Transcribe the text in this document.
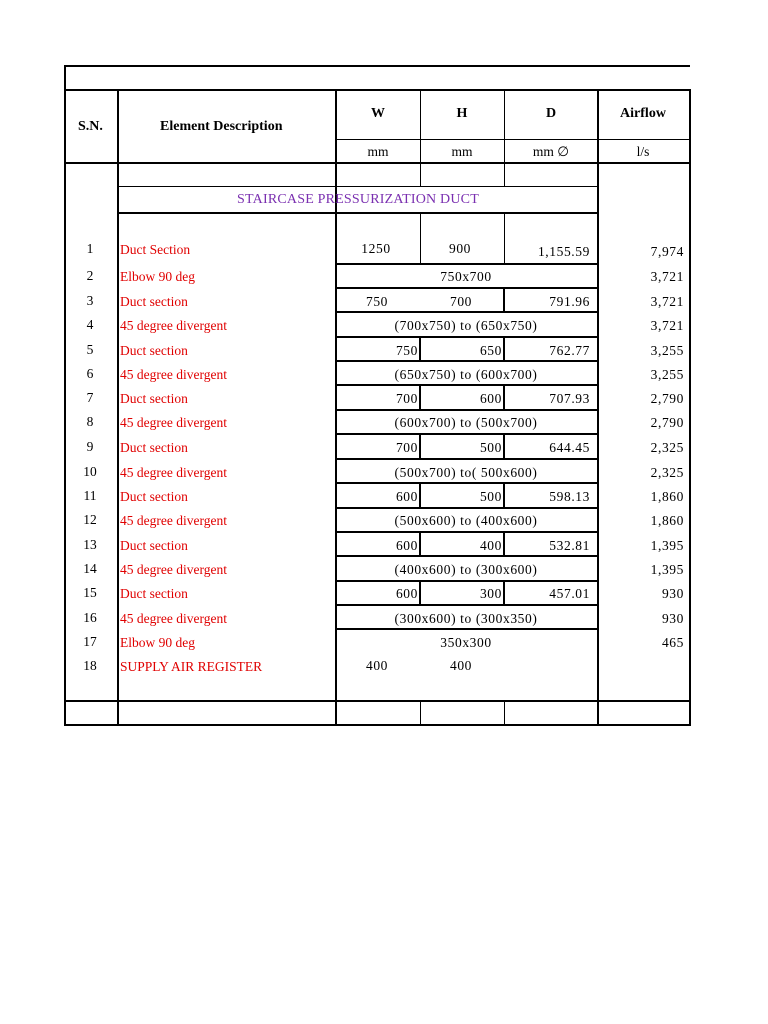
S.N.	Element Description
W	H	D	Airflow
mm	mm	mm ∅	l/s
STAIRCASE PRESSURIZATION DUCT
1 Duct Section	1250	900	1,155.59	7,974
2 Elbow 90 deg	750x700	3,721
3 Duct section	750	700	791.96	3,721
4 45 degree divergent	(700x750) to (650x750)	3,721
5 Duct section	750	650	762.77	3,255
6 45 degree divergent	(650x750) to (600x700)	3,255
7 Duct section	700	600	707.93	2,790
8 45 degree divergent	(600x700) to (500x700)	2,790
9 Duct section	700	500	644.45	2,325
10 45 degree divergent	(500x700) to( 500x600)	2,325
11 Duct section	600	500	598.13	1,860
12 45 degree divergent	(500x600) to (400x600)	1,860
13 Duct section	600	400	532.81	1,395
14 45 degree divergent	(400x600) to (300x600)	1,395
15 Duct section	600	300	457.01	930
16 45 degree divergent	(300x600) to (300x350)	930
17 Elbow 90 deg	350x300	465
18 SUPPLY AIR REGISTER	400	400
